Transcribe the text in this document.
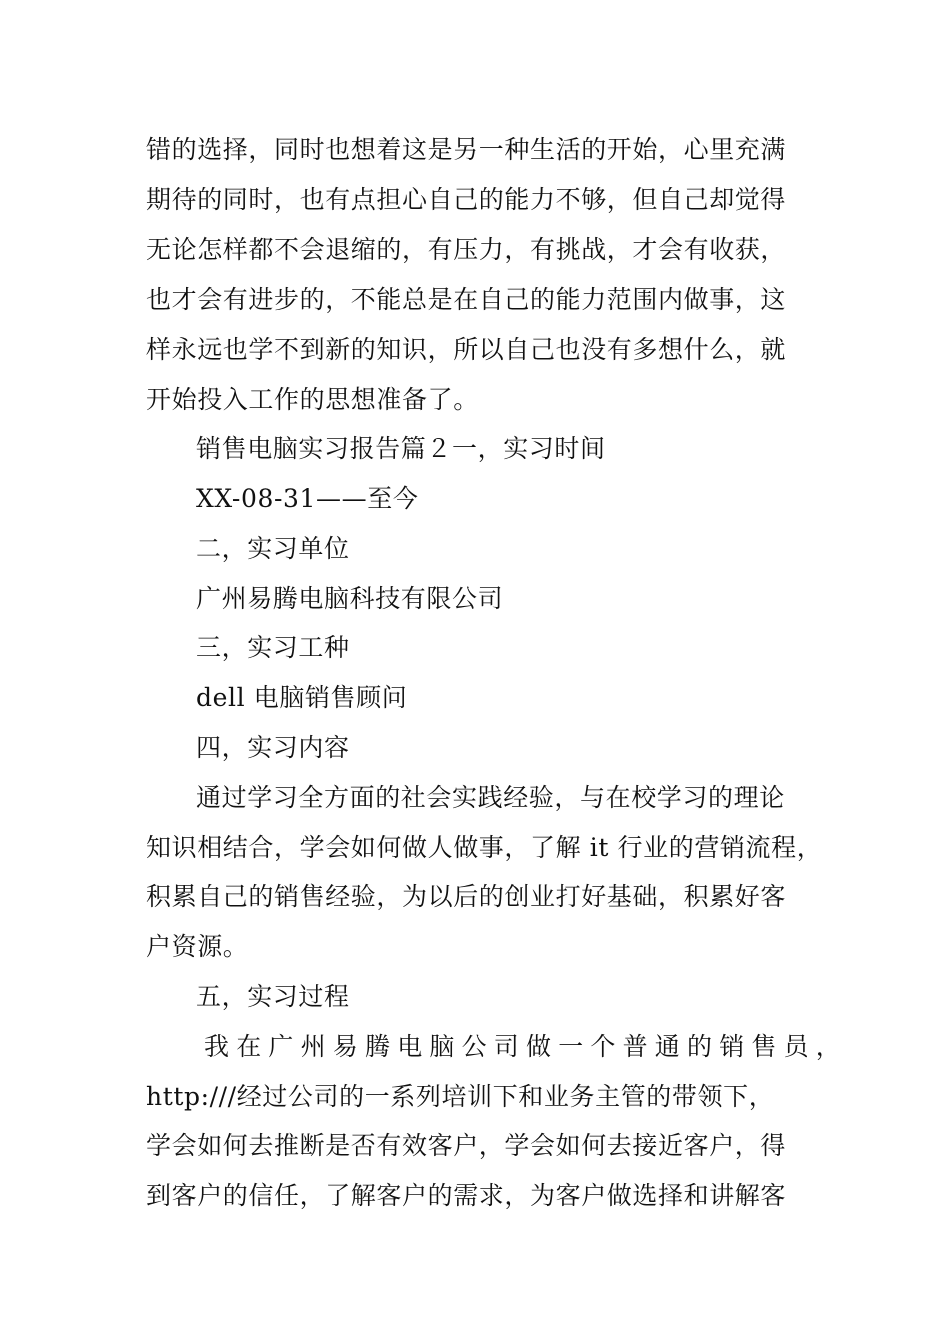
错的选择，同时也想着这是另一种生活的开始，心里充满
期待的同时，也有点担心自己的能力不够，但自己却觉得
无论怎样都不会退缩的，有压力，有挑战，才会有收获，
也才会有进步的，不能总是在自己的能力范围内做事，这
样永远也学不到新的知识，所以自己也没有多想什么，就
开始投入工作的思想准备了。
销售电脑实习报告篇２一，实习时间
XX-08-31——至今
二，实习单位
广州易腾电脑科技有限公司
三，实习工种
dell 电脑销售顾问
四，实习内容
通过学习全方面的社会实践经验，与在校学习的理论
知识相结合，学会如何做人做事，了解 it 行业的营销流程，
积累自己的销售经验，为以后的创业打好基础，积累好客
户资源。
五，实习过程
我在广州易腾电脑公司做一个普通的销售员，
http:///经过公司的一系列培训下和业务主管的带领下，
学会如何去推断是否有效客户，学会如何去接近客户，得
到客户的信任，了解客户的需求，为客户做选择和讲解客
